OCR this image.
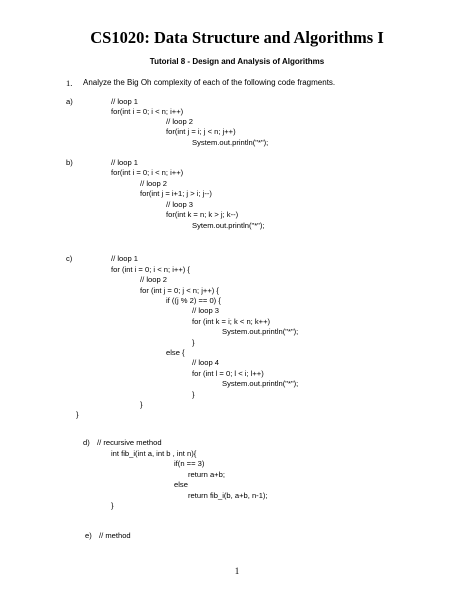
CS1020: Data Structure and Algorithms I
Tutorial 8 - Design and Analysis of Algorithms
1. Analyze the Big Oh complexity of each of the following code fragments.
a)	// loop 1
for(int i = 0; i < n; i++)
// loop 2
for(int j = i; j < n; j++)
System.out.println("*");
b)	// loop 1
for(int i = 0; i < n; i++)
// loop 2
for(int j = i+1; j > i; j--)
// loop 3
for(int k = n; k > j; k--)
Sytem.out.println("*");
c)	// loop 1
for (int i = 0; i < n; i++) {
// loop 2
for (int j = 0; j < n; j++) {
if ((j % 2) == 0) {
// loop 3
for (int k = i; k < n; k++)
System.out.println("*");
}
else {
// loop 4
for (int l = 0; l < i; l++)
System.out.println("*");
}
}
}
d) // recursive method
int fib_i(int a, int b , int n){
if(n == 3)
return a+b;
else
return fib_i(b, a+b, n-1);
}
e) // method
1
